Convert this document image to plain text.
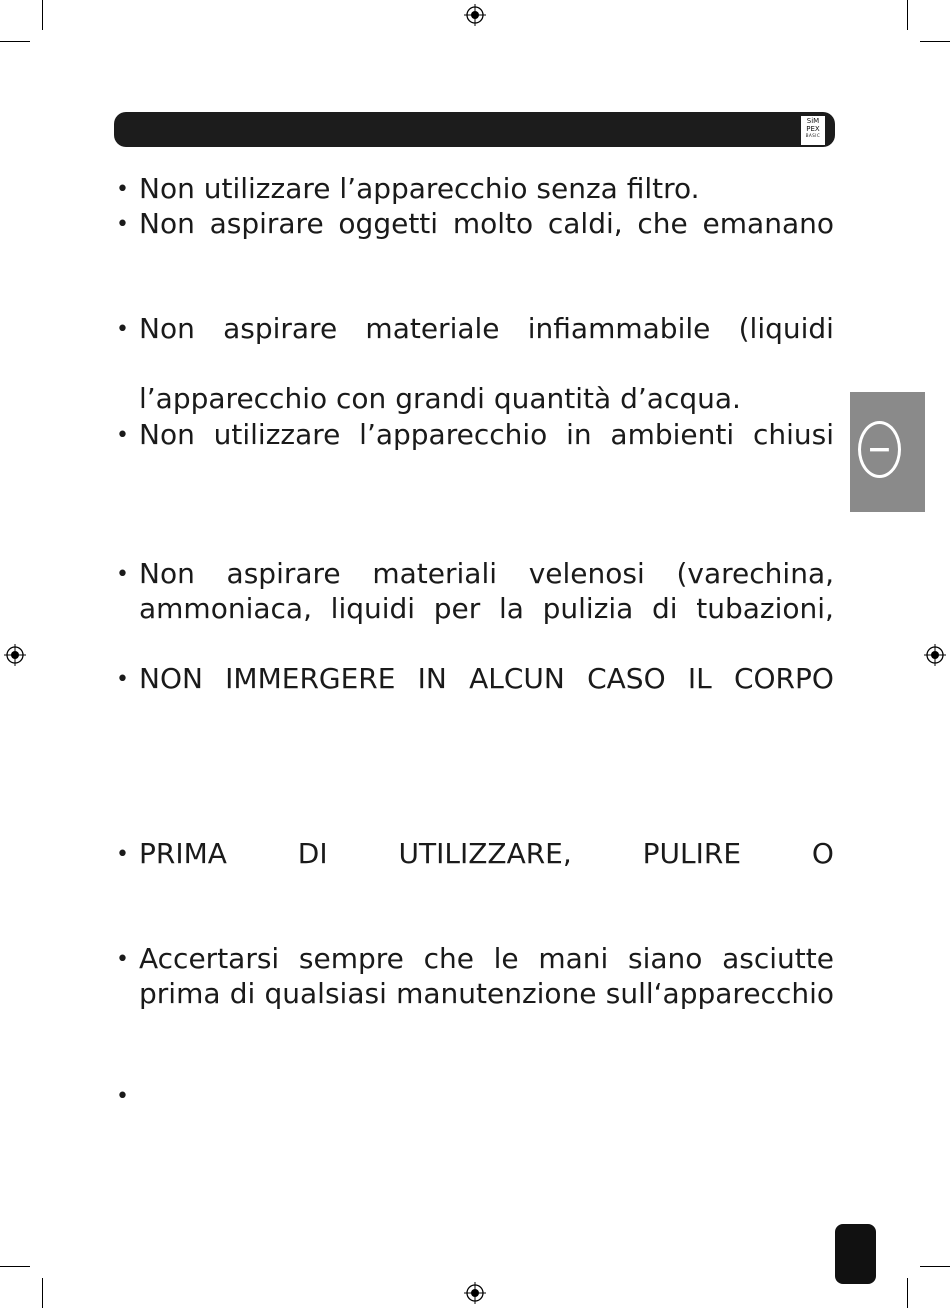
SiM
PEX
BASIC
−
•
•
•
•
•
•
•
•
•
Non utilizzare l’apparecchio senza filtro.
Non aspirare oggetti molto caldi, che emanano
Non aspirare materiale infiammabile (liquidi
l’apparecchio con grandi quantità d’acqua.
Non utilizzare l’apparecchio in ambienti chiusi
Non aspirare materiali velenosi (varechina,
ammoniaca, liquidi per la pulizia di tubazioni,
NON IMMERGERE IN ALCUN CASO IL CORPO
PRIMA	DI	UTILIZZARE,	PULIRE	O
Accertarsi sempre che le mani siano asciutte
prima di qualsiasi manutenzione sull‘apparecchio
